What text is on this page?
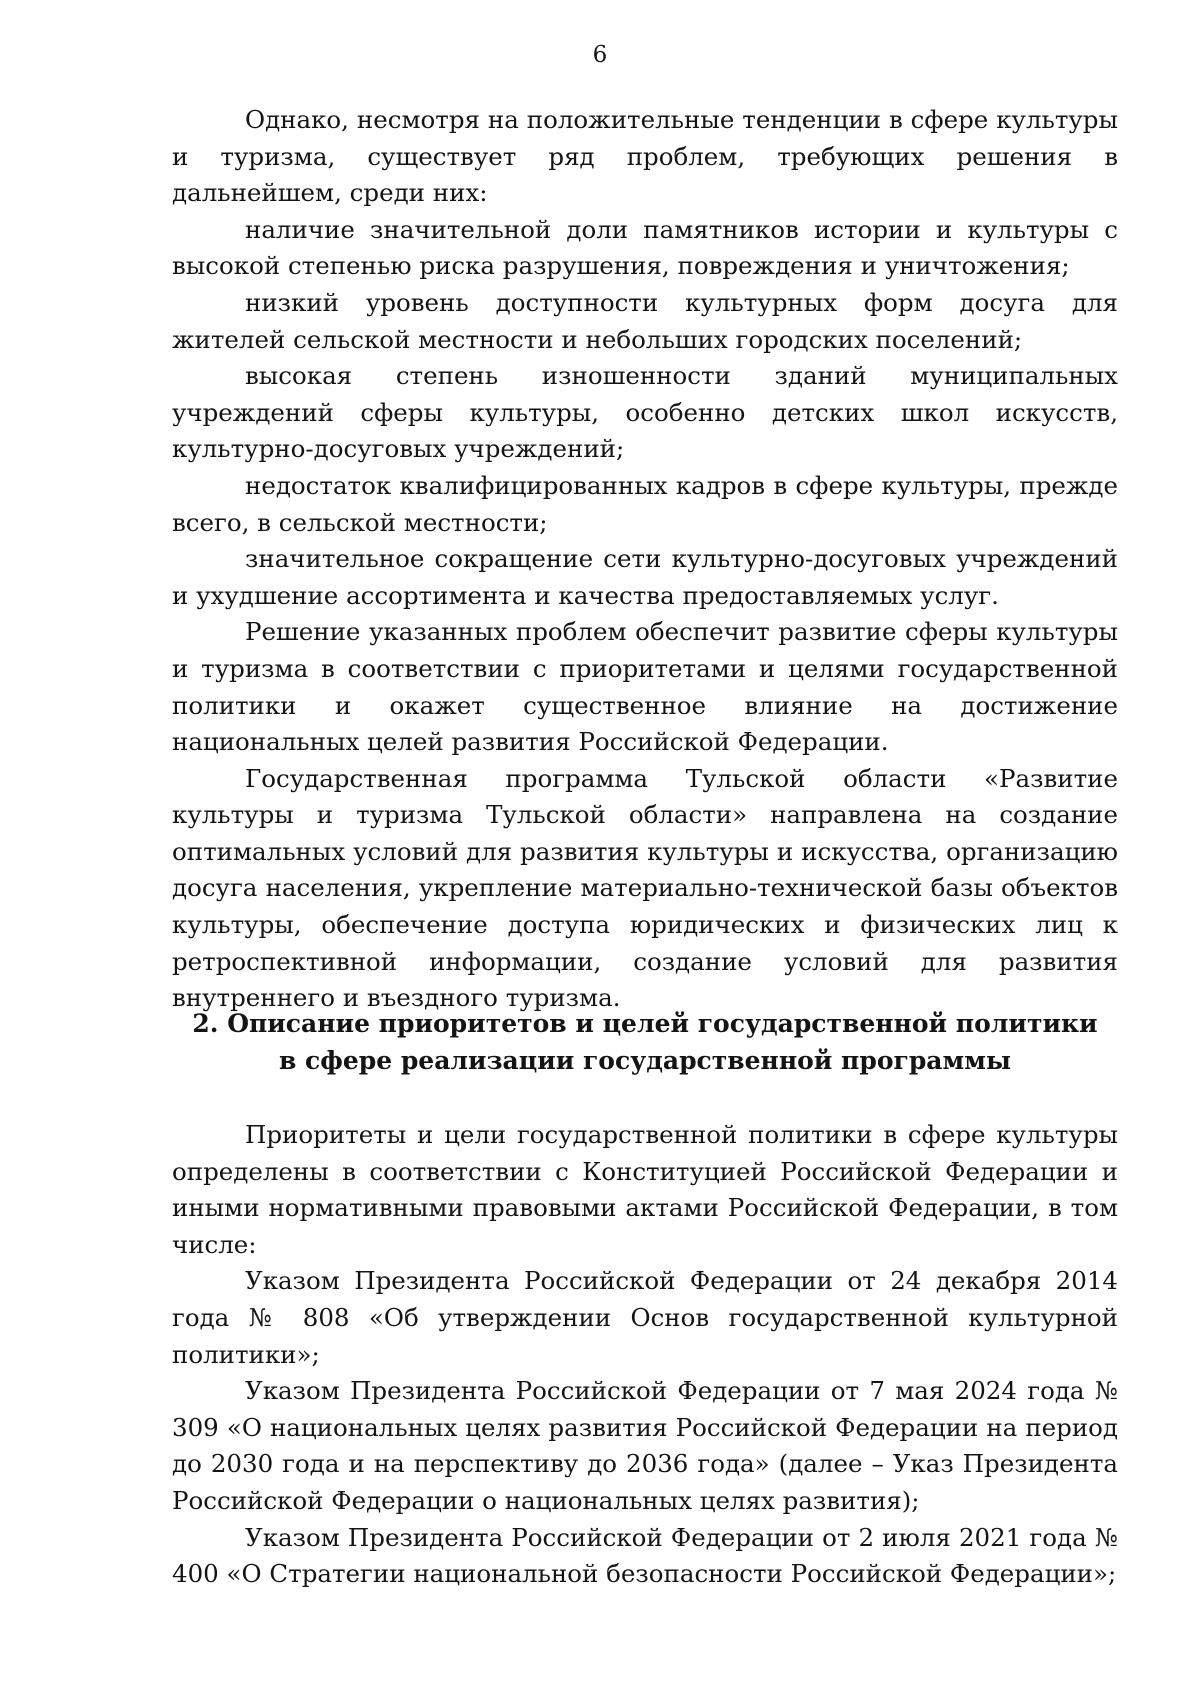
6

Однако, несмотря на положительные тенденции в сфере культуры и туризма, существует ряд проблем, требующих решения в дальнейшем, среди них:

наличие значительной доли памятников истории и культуры с высокой степенью риска разрушения, повреждения и уничтожения;

низкий уровень доступности культурных форм досуга для жителей сельской местности и небольших городских поселений;

высокая степень изношенности зданий муниципальных учреждений сферы культуры, особенно детских школ искусств, культурно-досуговых учреждений;

недостаток квалифицированных кадров в сфере культуры, прежде всего, в сельской местности;

значительное сокращение сети культурно-досуговых учреждений и ухудшение ассортимента и качества предоставляемых услуг.

Решение указанных проблем обеспечит развитие сферы культуры и туризма в соответствии с приоритетами и целями государственной политики и окажет существенное влияние на достижение национальных целей развития Российской Федерации.

Государственная программа Тульской области «Развитие культуры и туризма Тульской области» направлена на создание оптимальных условий для развития культуры и искусства, организацию досуга населения, укрепление материально-технической базы объектов культуры, обеспечение доступа юридических и физических лиц к ретроспективной информации, создание условий для развития внутреннего и въездного туризма.

2. Описание приоритетов и целей государственной политики
в сфере реализации государственной программы

Приоритеты и цели государственной политики в сфере культуры определены в соответствии с Конституцией Российской Федерации и иными нормативными правовыми актами Российской Федерации, в том числе:

Указом Президента Российской Федерации от 24 декабря 2014 года № 808 «Об утверждении Основ государственной культурной политики»;

Указом Президента Российской Федерации от 7 мая 2024 года № 309 «О национальных целях развития Российской Федерации на период до 2030 года и на перспективу до 2036 года» (далее – Указ Президента Российской Федерации о национальных целях развития);

Указом Президента Российской Федерации от 2 июля 2021 года № 400 «О Стратегии национальной безопасности Российской Федерации»;
